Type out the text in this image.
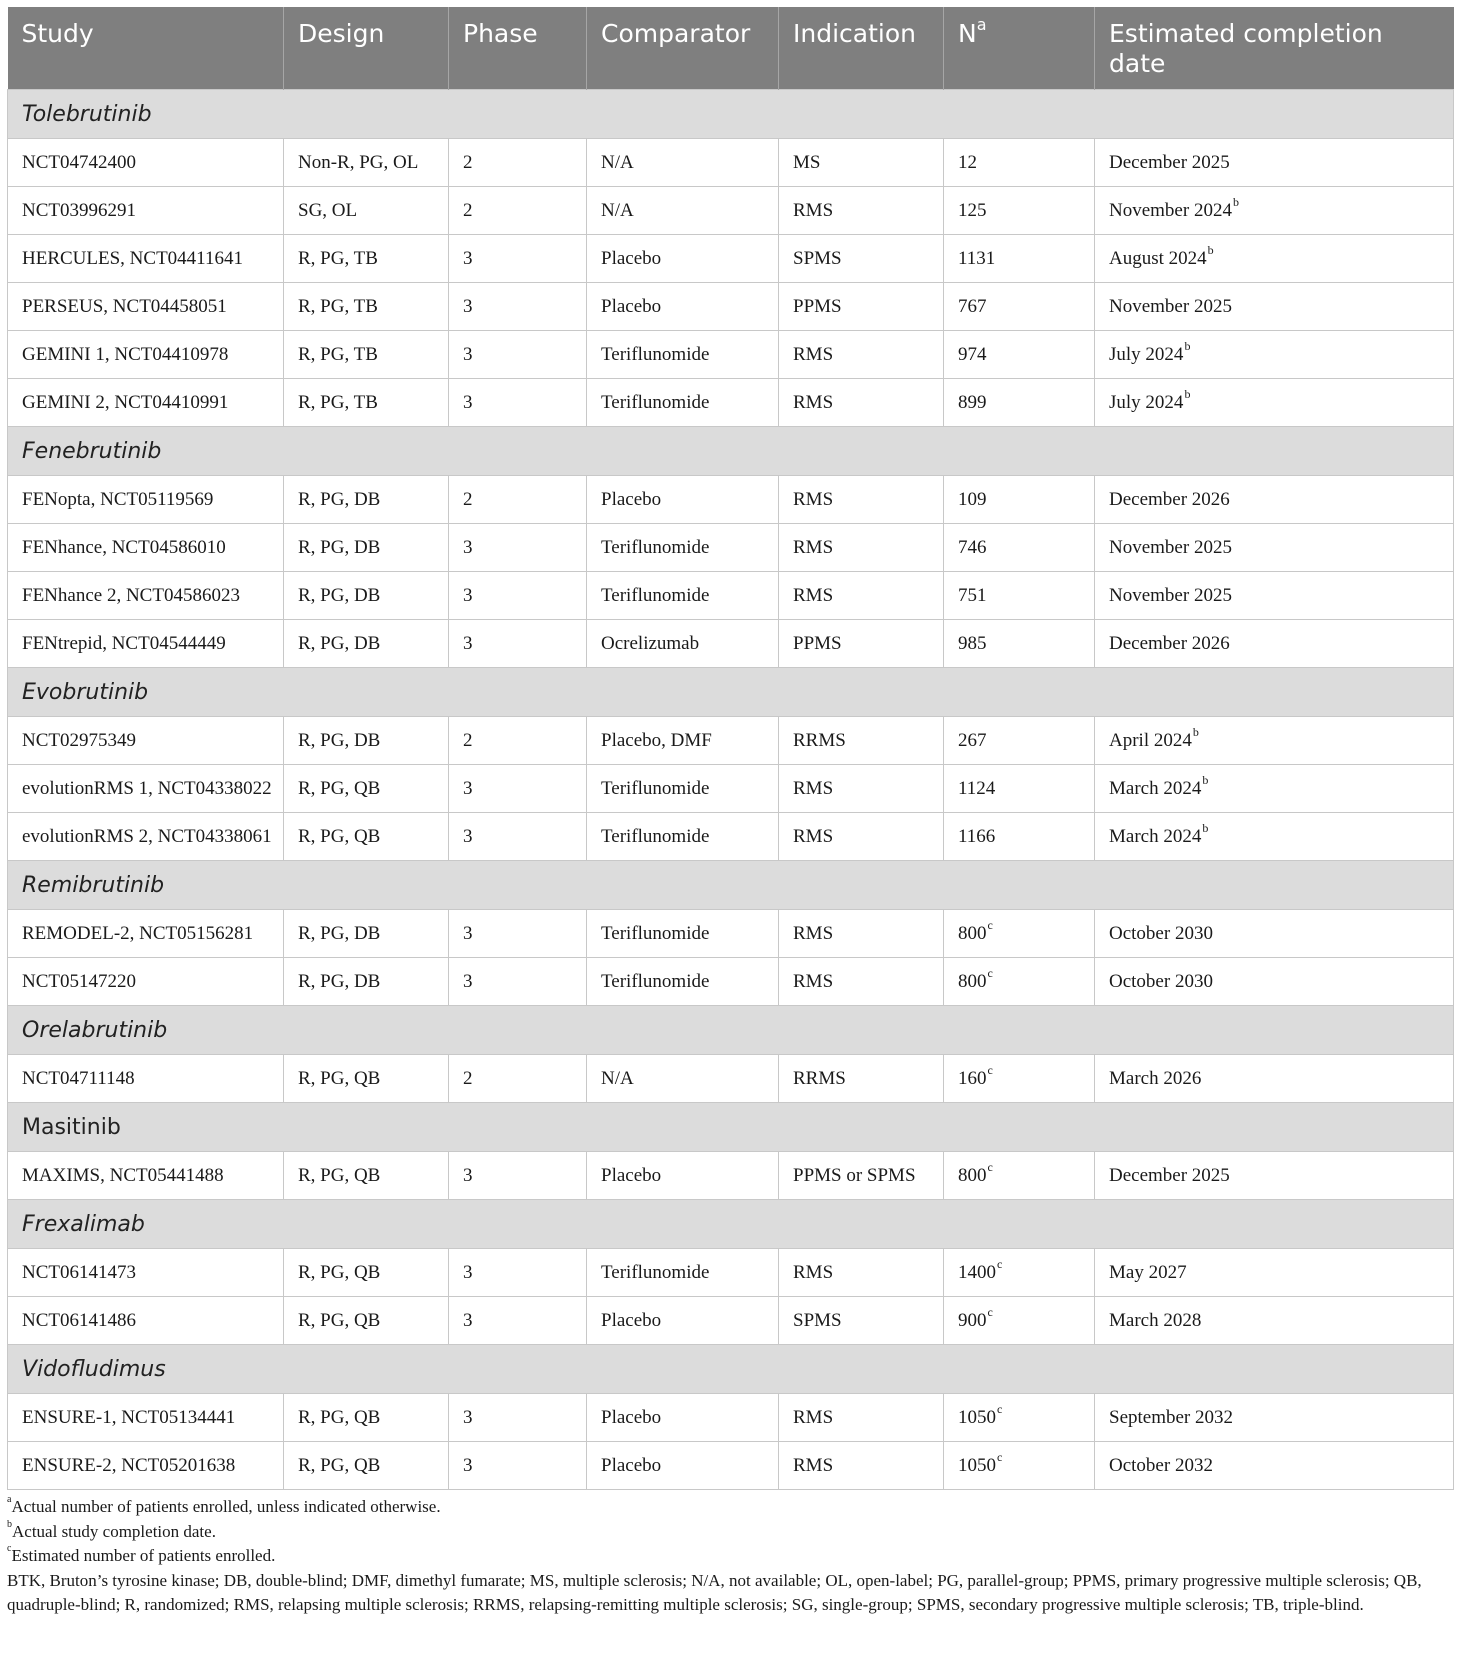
Study	Design	Phase	Comparator	Indication	$N^a$	Estimated completion date
Tolebrutinib						
NCT04742400	Non-R, PG, OL	2	N/A	MS	12	December 2025
NCT03996291	SG, OL	2	N/A	RMS	125	November 2024$^b$
HERCULES, NCT04411641	R, PG, TB	3	Placebo	SPMS	1131	August 2024$^b$
PERSEUS, NCT04458051	R, PG, TB	3	Placebo	PPMS	767	November 2025
GEMINI 1, NCT04410978	R, PG, TB	3	Teriflunomide	RMS	974	July 2024$^b$
GEMINI 2, NCT04410991	R, PG, TB	3	Teriflunomide	RMS	899	July 2024$^b$
Fenebrutinib						
FENopta, NCT05119569	R, PG, DB	2	Placebo	RMS	109	December 2026
FENhance, NCT04586010	R, PG, DB	3	Teriflunomide	RMS	746	November 2025
FENhance 2, NCT04586023	R, PG, DB	3	Teriflunomide	RMS	751	November 2025
FENtrepid, NCT04544449	R, PG, DB	3	Ocrelizumab	PPMS	985	December 2026
Evobrutinib						
NCT02975349	R, PG, DB	2	Placebo, DMF	RRMS	267	April 2024$^b$
evolutionRMS 1, NCT04338022	R, PG, QB	3	Teriflunomide	RMS	1124	March 2024$^b$
evolutionRMS 2, NCT04338061	R, PG, QB	3	Teriflunomide	RMS	1166	March 2024$^b$
Remibrutinib						
REMODEL-2, NCT05156281	R, PG, DB	3	Teriflunomide	RMS	800$^c$	October 2030
NCT05147220	R, PG, DB	3	Teriflunomide	RMS	800$^c$	October 2030
Orelabrutinib						
NCT04711148	R, PG, QB	2	N/A	RRMS	160$^c$	March 2026
Masitinib						
MAXIMS, NCT05441488	R, PG, QB	3	Placebo	PPMS or SPMS	800$^c$	December 2025
Frexalimab						
NCT06141473	R, PG, QB	3	Teriflunomide	RMS	1400$^c$	May 2027
NCT06141486	R, PG, QB	3	Placebo	SPMS	900$^c$	March 2028
Vidofludimus						
ENSURE-1, NCT05134441	R, PG, QB	3	Placebo	RMS	1050$^c$	September 2032
ENSURE-2, NCT05201638	R, PG, QB	3	Placebo	RMS	1050$^c$	October 2032
$^a$Actual number of patients enrolled, unless indicated otherwise.
$^b$Actual study completion date.
$^c$Estimated number of patients enrolled.
BTK, Bruton’s tyrosine kinase; DB, double-blind; DMF, dimethyl fumarate; MS, multiple sclerosis; N/A, not available; OL, open-label; PG, parallel-group; PPMS, primary progressive multiple sclerosis; QB, quadruple-blind; R, randomized; RMS, relapsing multiple sclerosis; RRMS, relapsing-remitting multiple sclerosis; SG, single-group; SPMS, secondary progressive multiple sclerosis; TB, triple-blind.
